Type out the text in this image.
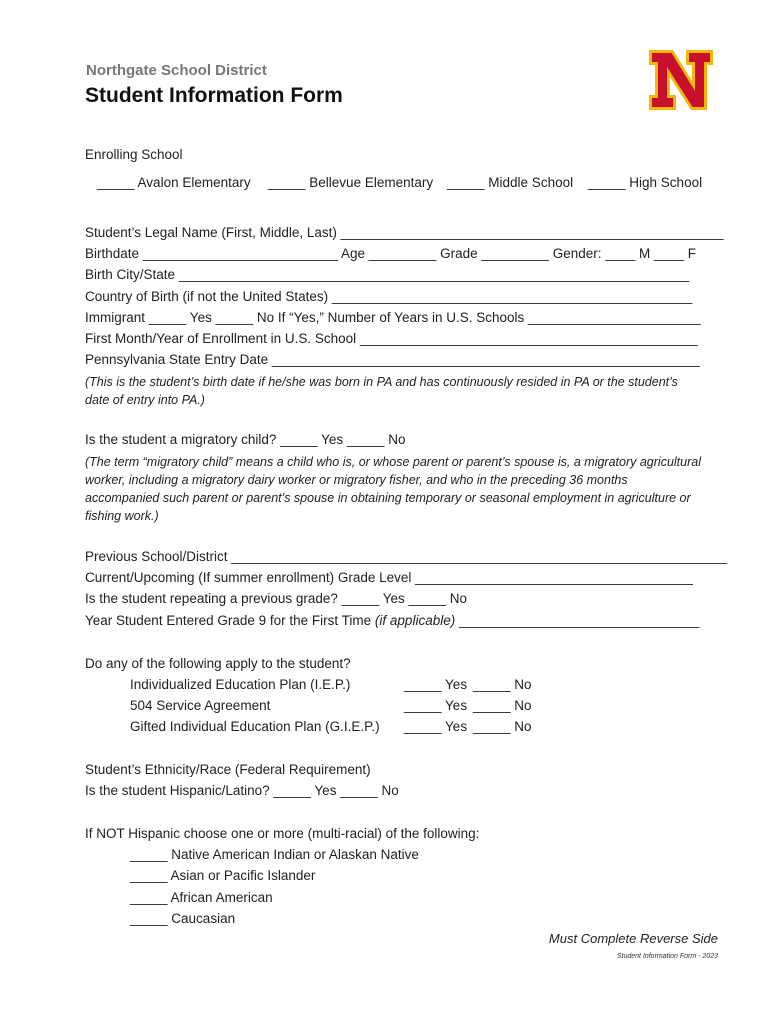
Northgate School District
Student Information Form
Enrolling School
_____ Avalon Elementary _____ Bellevue Elementary _____ Middle School _____ High School
Student’s Legal Name (First, Middle, Last) ___________________________________________________
Birthdate __________________________ Age _________ Grade _________ Gender: ____ M ____ F
Birth City/State ____________________________________________________________________
Country of Birth (if not the United States) ________________________________________________
Immigrant _____ Yes _____ No If “Yes,” Number of Years in U.S. Schools _______________________
First Month/Year of Enrollment in U.S. School _____________________________________________
Pennsylvania State Entry Date _________________________________________________________
(This is the student’s birth date if he/she was born in PA and has continuously resided in PA or the student’s date of entry into PA.)
Is the student a migratory child? _____ Yes _____ No
(The term “migratory child” means a child who is, or whose parent or parent’s spouse is, a migratory agricultural worker, including a migratory dairy worker or migratory fisher, and who in the preceding 36 months accompanied such parent or parent’s spouse in obtaining temporary or seasonal employment in agriculture or fishing work.)
Previous School/District __________________________________________________________________
Current/Upcoming (If summer enrollment) Grade Level _____________________________________
Is the student repeating a previous grade? _____ Yes _____ No
Year Student Entered Grade 9 for the First Time (if applicable) ________________________________
Do any of the following apply to the student?
Individualized Education Plan (I.E.P.)	_____ Yes _____ No
504 Service Agreement	_____ Yes _____ No
Gifted Individual Education Plan (G.I.E.P.) _____ Yes _____ No
Student’s Ethnicity/Race (Federal Requirement)
Is the student Hispanic/Latino? _____ Yes _____ No
If NOT Hispanic choose one or more (multi-racial) of the following:
_____ Native American Indian or Alaskan Native
_____ Asian or Pacific Islander
_____ African American
_____ Caucasian
Must Complete Reverse Side
Student Information Form - 2023
